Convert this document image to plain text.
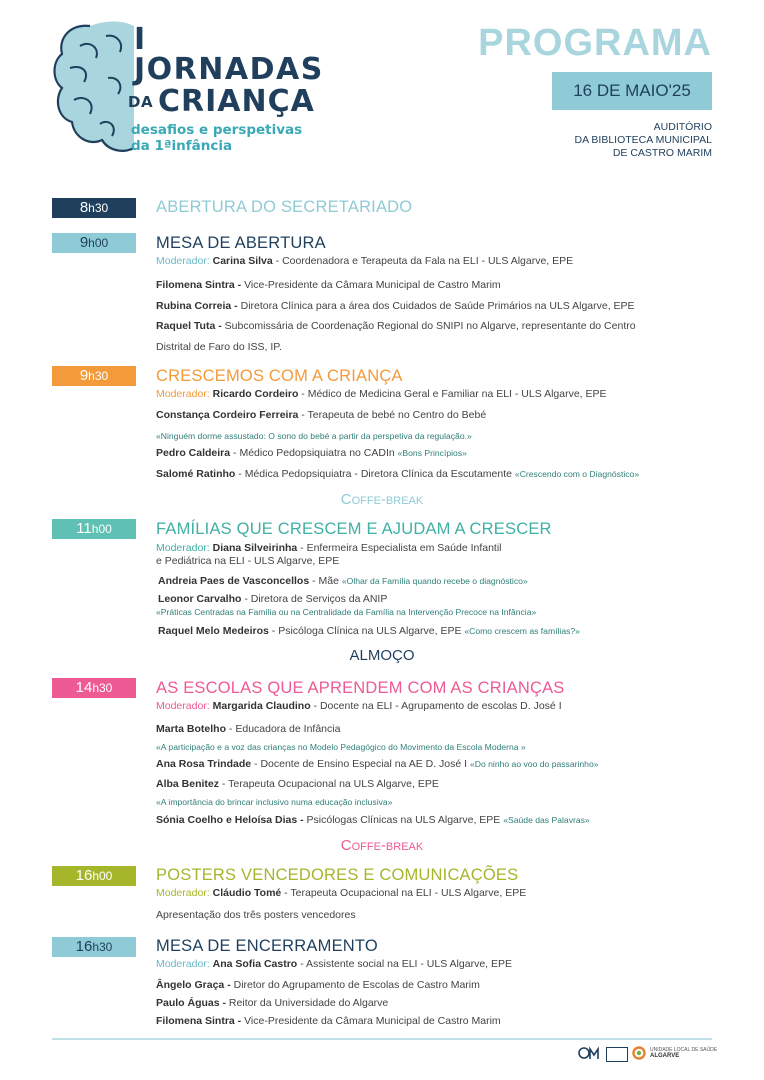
I
JORNADAS
DA CRIANÇA
desafios e perspetivas
da 1ªinfância
PROGRAMA
16 DE MAIO'25
AUDITÓRIO
DA BIBLIOTECA MUNICIPAL
DE CASTRO MARIM
8h30	ABERTURA DO SECRETARIADO
9h00	MESA DE ABERTURA
Moderador: Carina Silva - Coordenadora e Terapeuta da Fala na ELI - ULS Algarve, EPE
Filomena Sintra - Vice-Presidente da Câmara Municipal de Castro Marim
Rubina Correia - Diretora Clínica para a área dos Cuidados de Saúde Primários na ULS Algarve, EPE
Raquel Tuta - Subcomissária de Coordenação Regional do SNIPI no Algarve, representante do Centro
Distrital de Faro do ISS, IP.
9h30	CRESCEMOS COM A CRIANÇA
Moderador: Ricardo Cordeiro - Médico de Medicina Geral e Familiar na ELI - ULS Algarve, EPE
Constança Cordeiro Ferreira - Terapeuta de bebé no Centro do Bebé
«Ninguém dorme assustado: O sono do bebé a partir da perspetiva da regulação.»
Pedro Caldeira - Médico Pedopsiquiatra no CADIn «Bons Princípios»
Salomé Ratinho - Médica Pedopsiquiatra - Diretora Clínica da Escutamente «Crescendo com o Diagnóstico»
Coffe-break
11h00	FAMÍLIAS QUE CRESCEM E AJUDAM A CRESCER
Moderador: Diana Silveirinha - Enfermeira Especialista em Saúde Infantil
e Pediátrica na ELI - ULS Algarve, EPE
Andreia Paes de Vasconcellos - Mãe «Olhar da Família quando recebe o diagnóstico»
Leonor Carvalho - Diretora de Serviços da ANIP
«Práticas Centradas na Família ou na Centralidade da Família na Intervenção Precoce na Infância»
Raquel Melo Medeiros - Psicóloga Clínica na ULS Algarve, EPE «Como crescem as famílias?»
ALMOÇO
14h30	AS ESCOLAS QUE APRENDEM COM AS CRIANÇAS
Moderador: Margarida Claudino - Docente na ELI - Agrupamento de escolas D. José I
Marta Botelho - Educadora de Infância
«A participação e a voz das crianças no Modelo Pedagógico do Movimento da Escola Moderna »
Ana Rosa Trindade - Docente de Ensino Especial na AE D. José I «Do ninho ao voo do passarinho»
Alba Benitez - Terapeuta Ocupacional na ULS Algarve, EPE
«A importância do brincar inclusivo numa educação inclusiva»
Sónia Coelho e Heloísa Dias - Psicólogas Clínicas na ULS Algarve, EPE «Saúde das Palavras»
Coffe-break
16h00	POSTERS VENCEDORES E COMUNICAÇÕES
Moderador: Cláudio Tomé - Terapeuta Ocupacional na ELI - ULS Algarve, EPE
Apresentação dos três posters vencedores
16h30	MESA DE ENCERRAMENTO
Moderador: Ana Sofia Castro - Assistente social na ELI - ULS Algarve, EPE
Ângelo Graça - Diretor do Agrupamento de Escolas de Castro Marim
Paulo Águas - Reitor da Universidade do Algarve
Filomena Sintra - Vice-Presidente da Câmara Municipal de Castro Marim
UNIDADE LOCAL DE SAÚDE
ALGARVE
